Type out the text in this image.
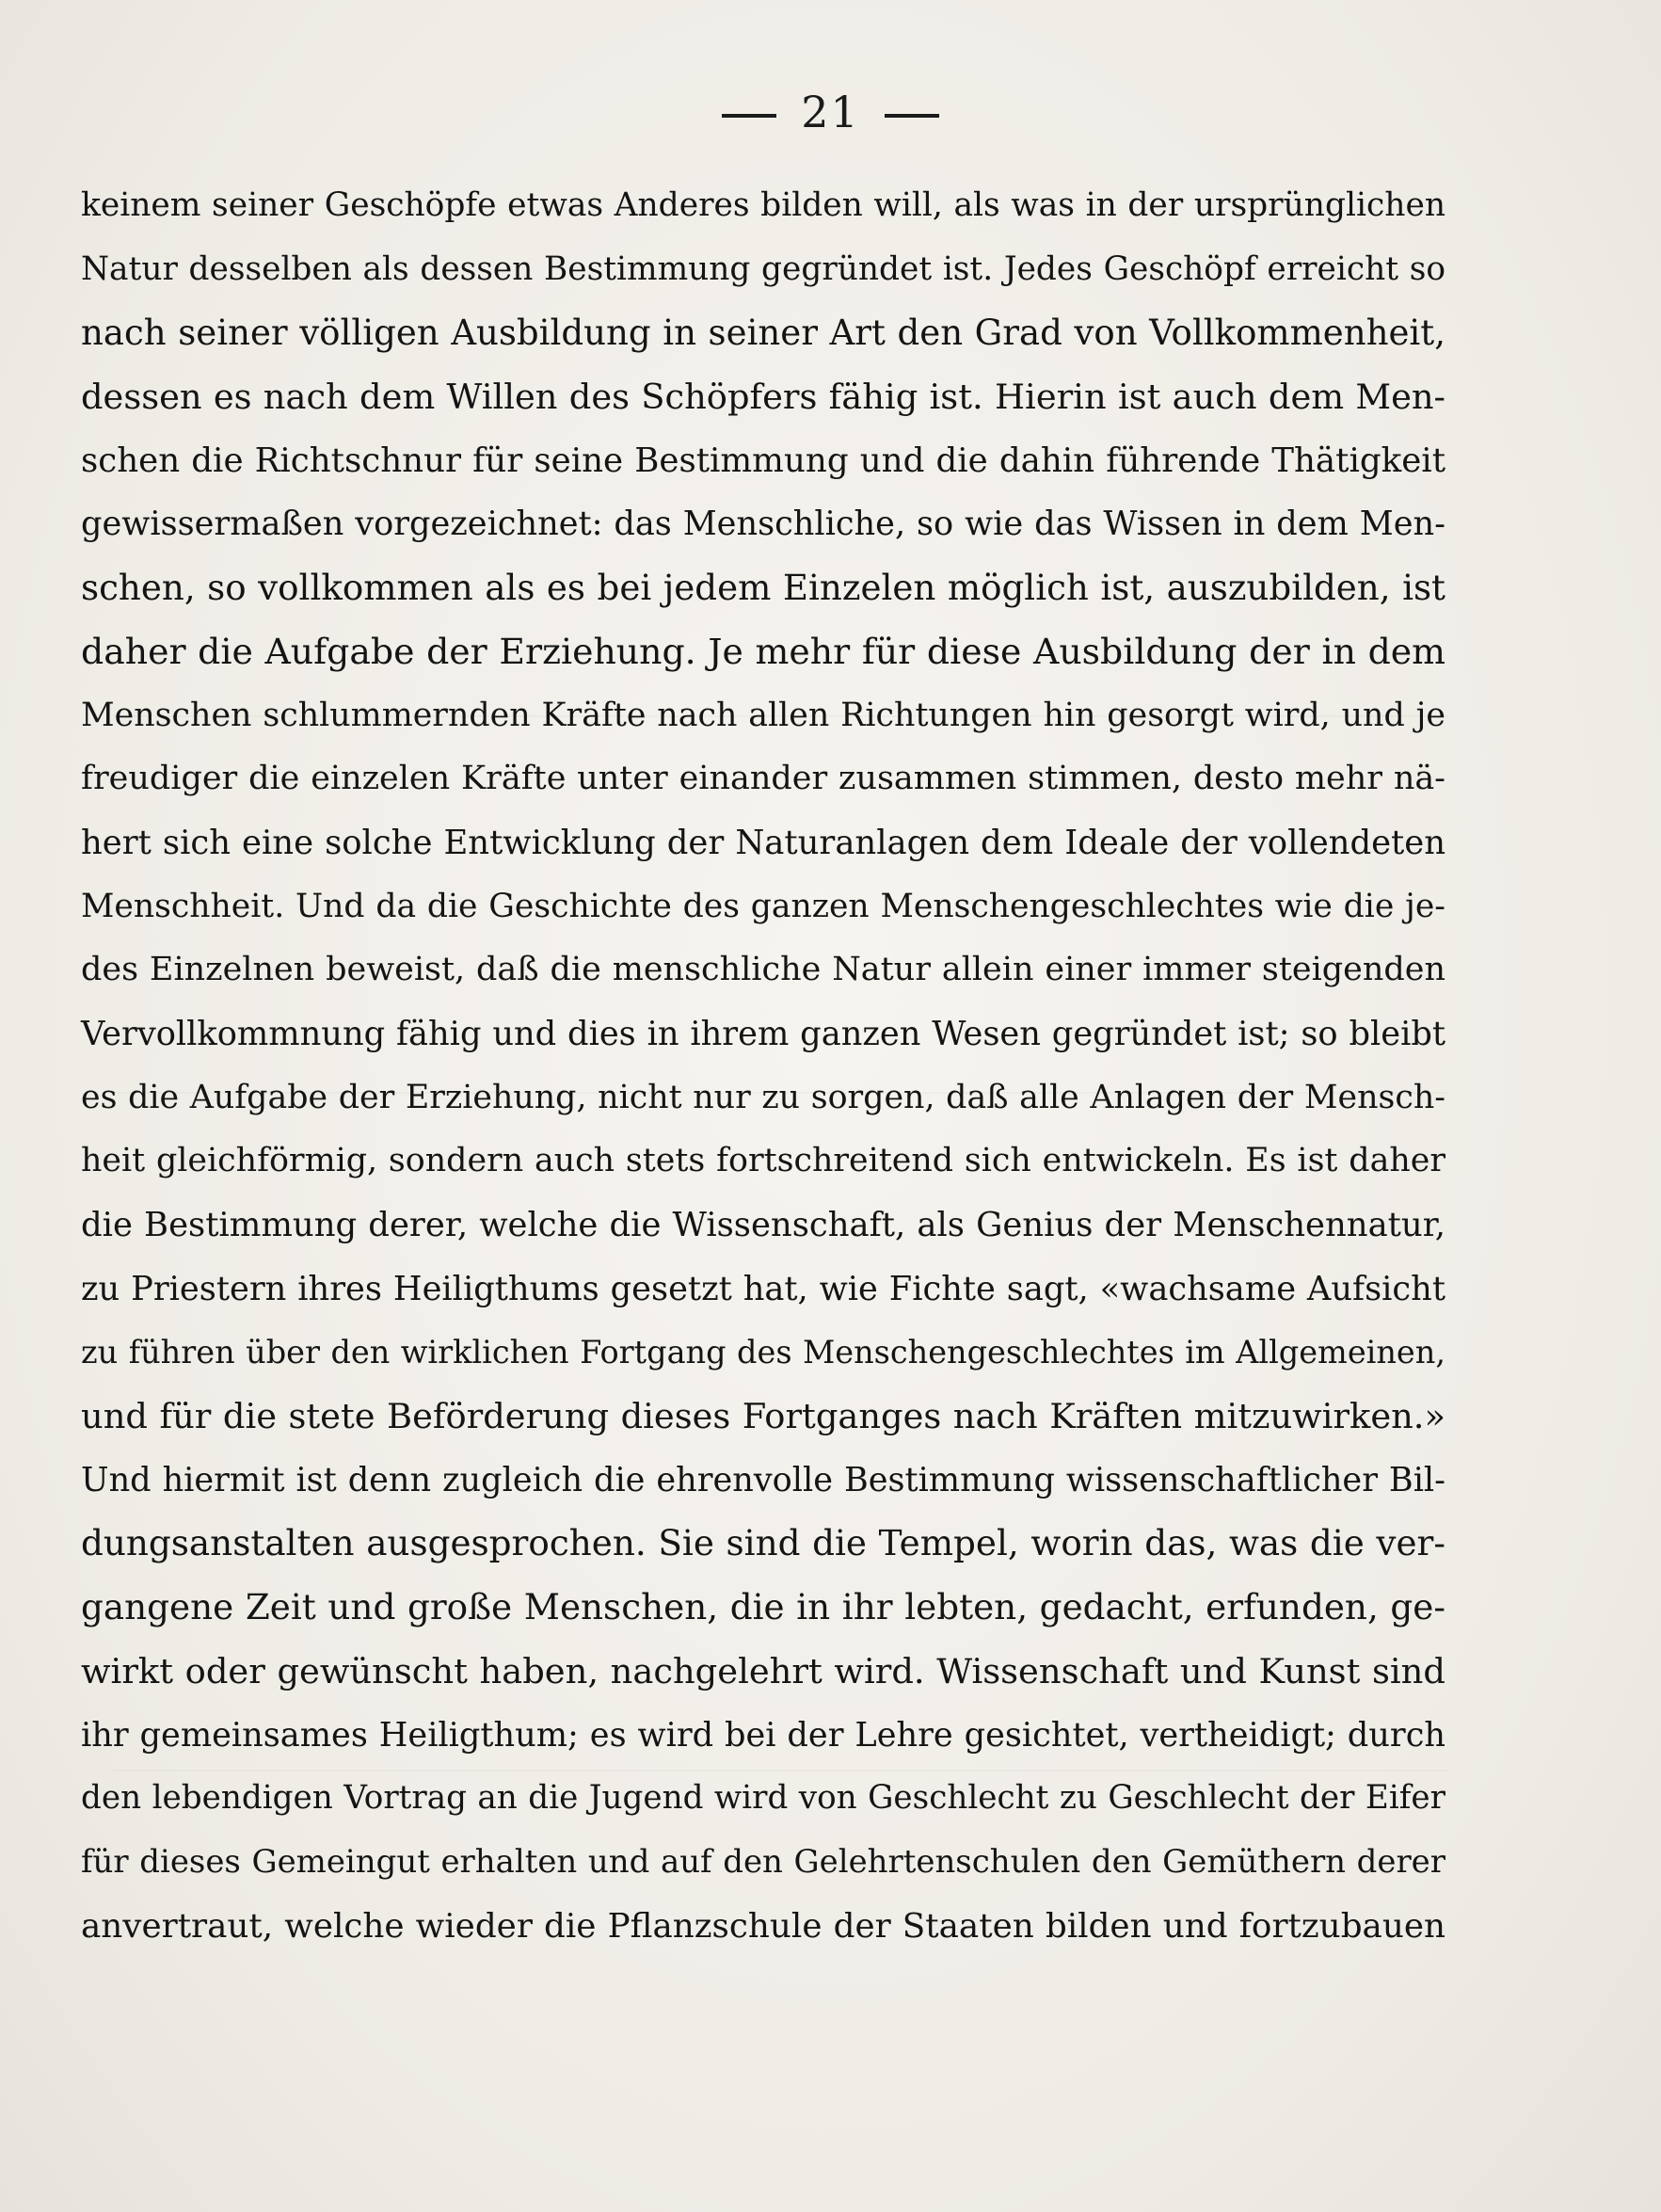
21
keinem seiner Geschöpfe etwas Anderes bilden will, als was in der ursprünglichen
Natur desselben als dessen Bestimmung gegründet ist. Jedes Geschöpf erreicht so
nach seiner völligen Ausbildung in seiner Art den Grad von Vollkommenheit,
dessen es nach dem Willen des Schöpfers fähig ist. Hierin ist auch dem Men-
schen die Richtschnur für seine Bestimmung und die dahin führende Thätigkeit
gewissermaßen vorgezeichnet: das Menschliche, so wie das Wissen in dem Men-
schen, so vollkommen als es bei jedem Einzelen möglich ist, auszubilden, ist
daher die Aufgabe der Erziehung. Je mehr für diese Ausbildung der in dem
Menschen schlummernden Kräfte nach allen Richtungen hin gesorgt wird, und je
freudiger die einzelen Kräfte unter einander zusammen stimmen, desto mehr nä-
hert sich eine solche Entwicklung der Naturanlagen dem Ideale der vollendeten
Menschheit. Und da die Geschichte des ganzen Menschengeschlechtes wie die je-
des Einzelnen beweist, daß die menschliche Natur allein einer immer steigenden
Vervollkommnung fähig und dies in ihrem ganzen Wesen gegründet ist; so bleibt
es die Aufgabe der Erziehung, nicht nur zu sorgen, daß alle Anlagen der Mensch-
heit gleichförmig, sondern auch stets fortschreitend sich entwickeln. Es ist daher
die Bestimmung derer, welche die Wissenschaft, als Genius der Menschennatur,
zu Priestern ihres Heiligthums gesetzt hat, wie Fichte sagt, «wachsame Aufsicht
zu führen über den wirklichen Fortgang des Menschengeschlechtes im Allgemeinen,
und für die stete Beförderung dieses Fortganges nach Kräften mitzuwirken.»
Und hiermit ist denn zugleich die ehrenvolle Bestimmung wissenschaftlicher Bil-
dungsanstalten ausgesprochen. Sie sind die Tempel, worin das, was die ver-
gangene Zeit und große Menschen, die in ihr lebten, gedacht, erfunden, ge-
wirkt oder gewünscht haben, nachgelehrt wird. Wissenschaft und Kunst sind
ihr gemeinsames Heiligthum; es wird bei der Lehre gesichtet, vertheidigt; durch
den lebendigen Vortrag an die Jugend wird von Geschlecht zu Geschlecht der Eifer
für dieses Gemeingut erhalten und auf den Gelehrtenschulen den Gemüthern derer
anvertraut, welche wieder die Pflanzschule der Staaten bilden und fortzubauen
